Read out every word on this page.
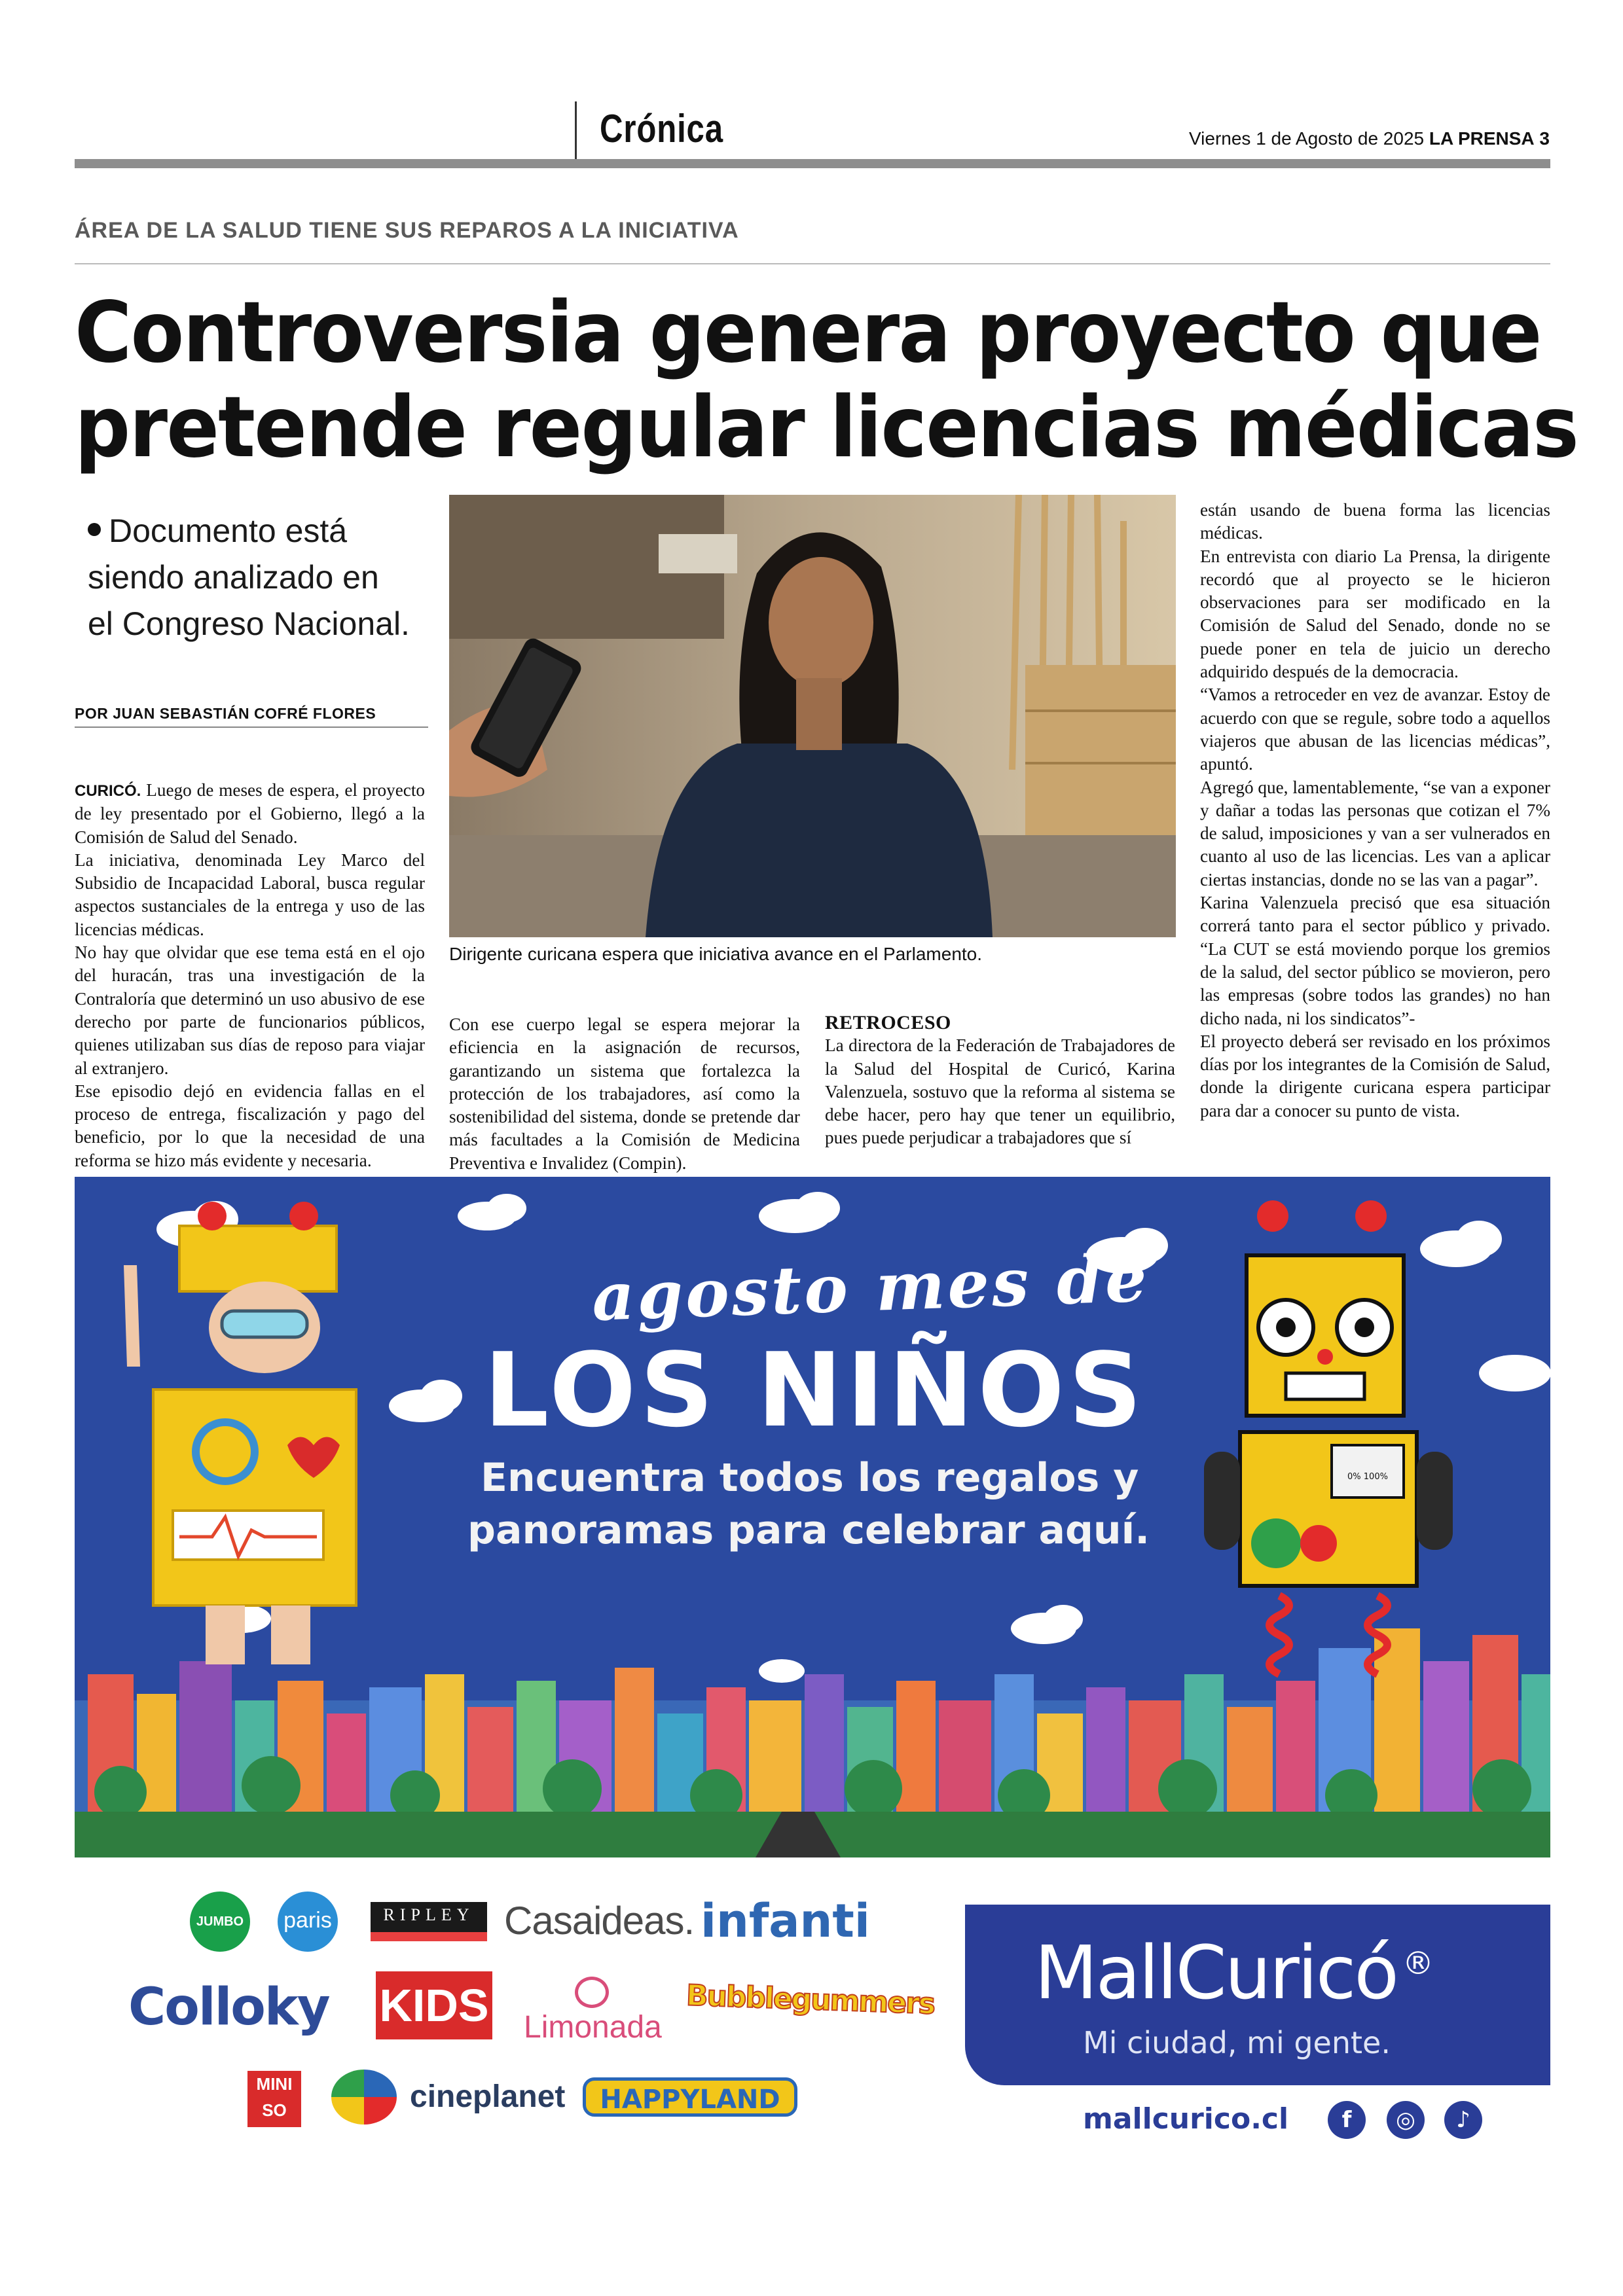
Crónica	Viernes 1 de Agosto de 2025 LA PRENSA 3
ÁREA DE LA SALUD TIENE SUS REPAROS A LA INICIATIVA
Controversia genera proyecto que
pretende regular licencias médicas
Documento está
siendo analizado en
el Congreso Nacional.
POR JUAN SEBASTIÁN COFRÉ FLORES
Dirigente curicana espera que iniciativa avance en el Parlamento.

CURICÓ. Luego de meses de espera, el proyecto de ley presentado por el Gobierno, llegó a la Comisión de Salud del Senado.

La iniciativa, denominada Ley Marco del Subsidio de Incapacidad Laboral, busca regular aspectos sustanciales de la entrega y uso de las licencias médicas.

No hay que olvidar que ese tema está en el ojo del huracán, tras una investigación de la Contraloría que determinó un uso abusivo de ese derecho por parte de funcionarios públicos, quienes utilizaban sus días de reposo para viajar al extranjero.

Ese episodio dejó en evidencia fallas en el proceso de entrega, fiscalización y pago del beneficio, por lo que la necesidad de una reforma se hizo más evidente y necesaria.

Con ese cuerpo legal se espera mejorar la eficiencia en la asignación de recursos, garantizando un sistema que fortalezca la protección de los trabajadores, así como la sostenibilidad del sistema, donde se pretende dar más facultades a la Comisión de Medicina Preventiva e Invalidez (Compin).

RETROCESO

La directora de la Federación de Trabajadores de la Salud del Hospital de Curicó, Karina Valenzuela, sostuvo que la reforma al sistema se debe hacer, pero hay que tener un equilibrio, pues puede perjudicar a trabajadores que sí

están usando de buena forma las licencias médicas.

En entrevista con diario La Prensa, la dirigente recordó que al proyecto se le hicieron observaciones para ser modificado en la Comisión de Salud del Senado, donde no se puede poner en tela de juicio un derecho adquirido después de la democracia.

“Vamos a retroceder en vez de avanzar. Estoy de acuerdo con que se regule, sobre todo a aquellos viajeros que abusan de las licencias médicas”, apuntó.

Agregó que, lamentablemente, “se van a exponer y dañar a todas las personas que cotizan el 7% de salud, imposiciones y van a ser vulnerados en cuanto al uso de las licencias. Les van a aplicar ciertas instancias, donde no se las van a pagar”.

Karina Valenzuela precisó que esa situación correrá tanto para el sector público y privado. “La CUT se está moviendo porque los gremios de la salud, del sector público se movieron, pero las empresas (sobre todos las grandes) no han dicho nada, ni los sindicatos”-

El proyecto deberá ser revisado en los próximos días por los integrantes de la Comisión de Salud, donde la dirigente curicana espera participar para dar a conocer su punto de vista.

0% 100%
agosto mes de
LOS NIÑOS
Encuentra todos los regalos y
panoramas para celebrar aquí.
JUMBO paris	RIPLEY Casaideas. infanti
Colloky KIDS Limonada
Bubblegummers
MINI
SO	cineplanet	HAPPYLAND
MallCuricó ®
Mi ciudad, mi gente.
mallcurico.cl	f	◎	♪
